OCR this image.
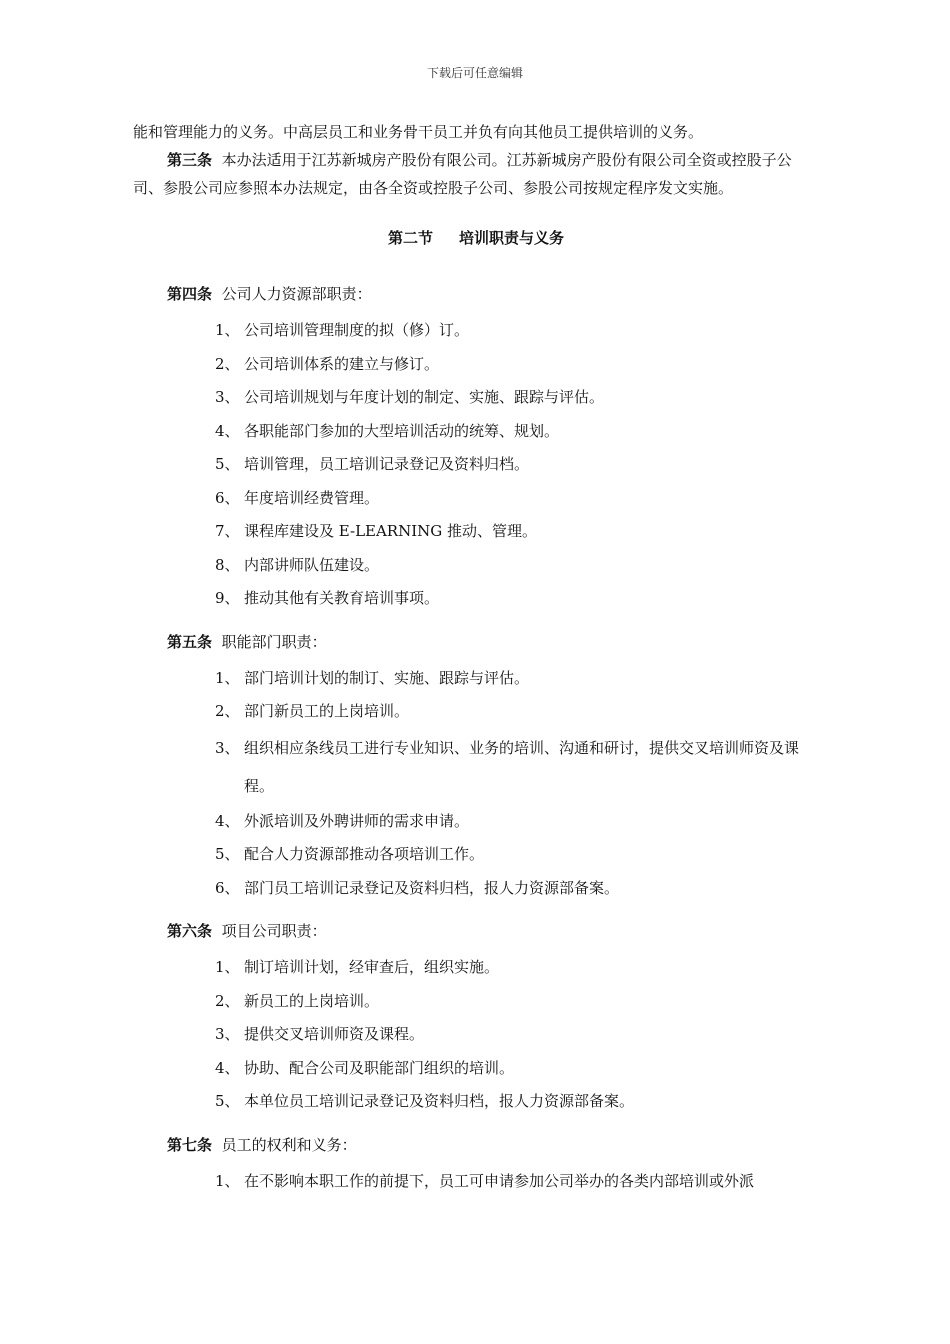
下载后可任意编辑

能和管理能力的义务。中高层员工和业务骨干员工并负有向其他员工提供培训的义务。

第三条 本办法适用于江苏新城房产股份有限公司。江苏新城房产股份有限公司全资或控股子公司、参股公司应参照本办法规定，由各全资或控股子公司、参股公司按规定程序发文实施。

第二节     培训职责与义务
第四条 公司人力资源部职责：
1、 公司培训管理制度的拟（修）订。
2、 公司培训体系的建立与修订。
3、 公司培训规划与年度计划的制定、实施、跟踪与评估。
4、 各职能部门参加的大型培训活动的统筹、规划。
5、 培训管理，员工培训记录登记及资料归档。
6、 年度培训经费管理。
7、 课程库建设及 E-LEARNING 推动、管理。
8、 内部讲师队伍建设。
9、 推动其他有关教育培训事项。
第五条 职能部门职责：
1、 部门培训计划的制订、实施、跟踪与评估。
2、 部门新员工的上岗培训。
3、 组织相应条线员工进行专业知识、业务的培训、沟通和研讨，提供交叉培训师资及课程。
4、 外派培训及外聘讲师的需求申请。
5、 配合人力资源部推动各项培训工作。
6、 部门员工培训记录登记及资料归档，报人力资源部备案。
第六条 项目公司职责：
1、 制订培训计划，经审查后，组织实施。
2、 新员工的上岗培训。
3、 提供交叉培训师资及课程。
4、 协助、配合公司及职能部门组织的培训。
5、 本单位员工培训记录登记及资料归档，报人力资源部备案。
第七条 员工的权利和义务：
1、 在不影响本职工作的前提下，员工可申请参加公司举办的各类内部培训或外派
